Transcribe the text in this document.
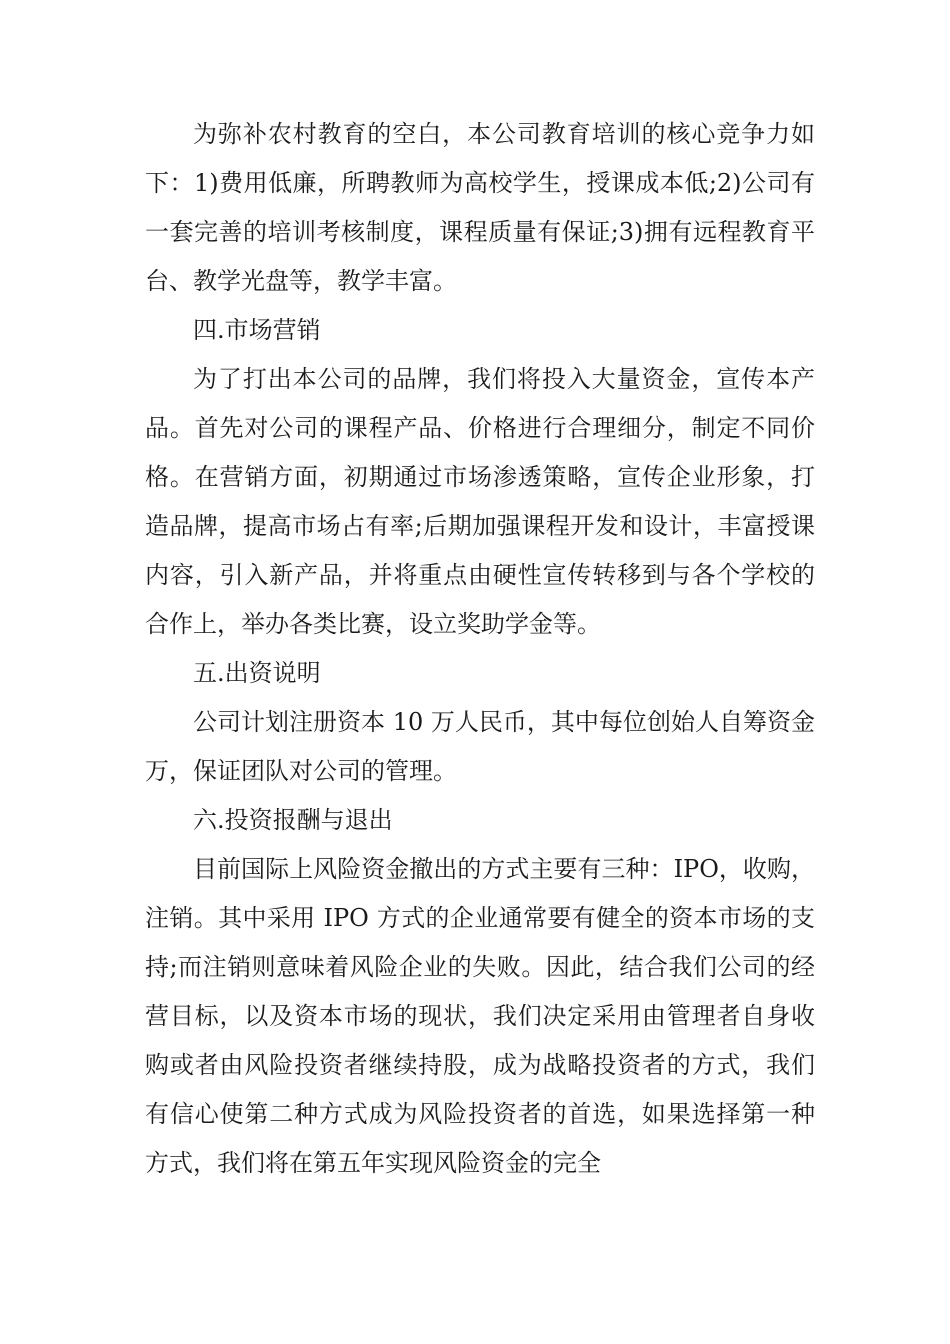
为弥补农村教育的空白，本公司教育培训的核心竞争力如下：1)费用低廉，所聘教师为高校学生，授课成本低;2)公司有一套完善的培训考核制度，课程质量有保证;3)拥有远程教育平台、教学光盘等，教学丰富。

四.市场营销

为了打出本公司的品牌，我们将投入大量资金，宣传本产品。首先对公司的课程产品、价格进行合理细分，制定不同价格。在营销方面，初期通过市场渗透策略，宣传企业形象，打造品牌，提高市场占有率;后期加强课程开发和设计，丰富授课内容，引入新产品，并将重点由硬性宣传转移到与各个学校的合作上，举办各类比赛，设立奖助学金等。

五.出资说明

公司计划注册资本 10 万人民币，其中每位创始人自筹资金万，保证团队对公司的管理。

六.投资报酬与退出

目前国际上风险资金撤出的方式主要有三种：IPO，收购，注销。其中采用 IPO 方式的企业通常要有健全的资本市场的支持;而注销则意味着风险企业的失败。因此，结合我们公司的经营目标，以及资本市场的现状，我们决定采用由管理者自身收购或者由风险投资者继续持股，成为战略投资者的方式，我们有信心使第二种方式成为风险投资者的首选，如果选择第一种方式，我们将在第五年实现风险资金的完全
